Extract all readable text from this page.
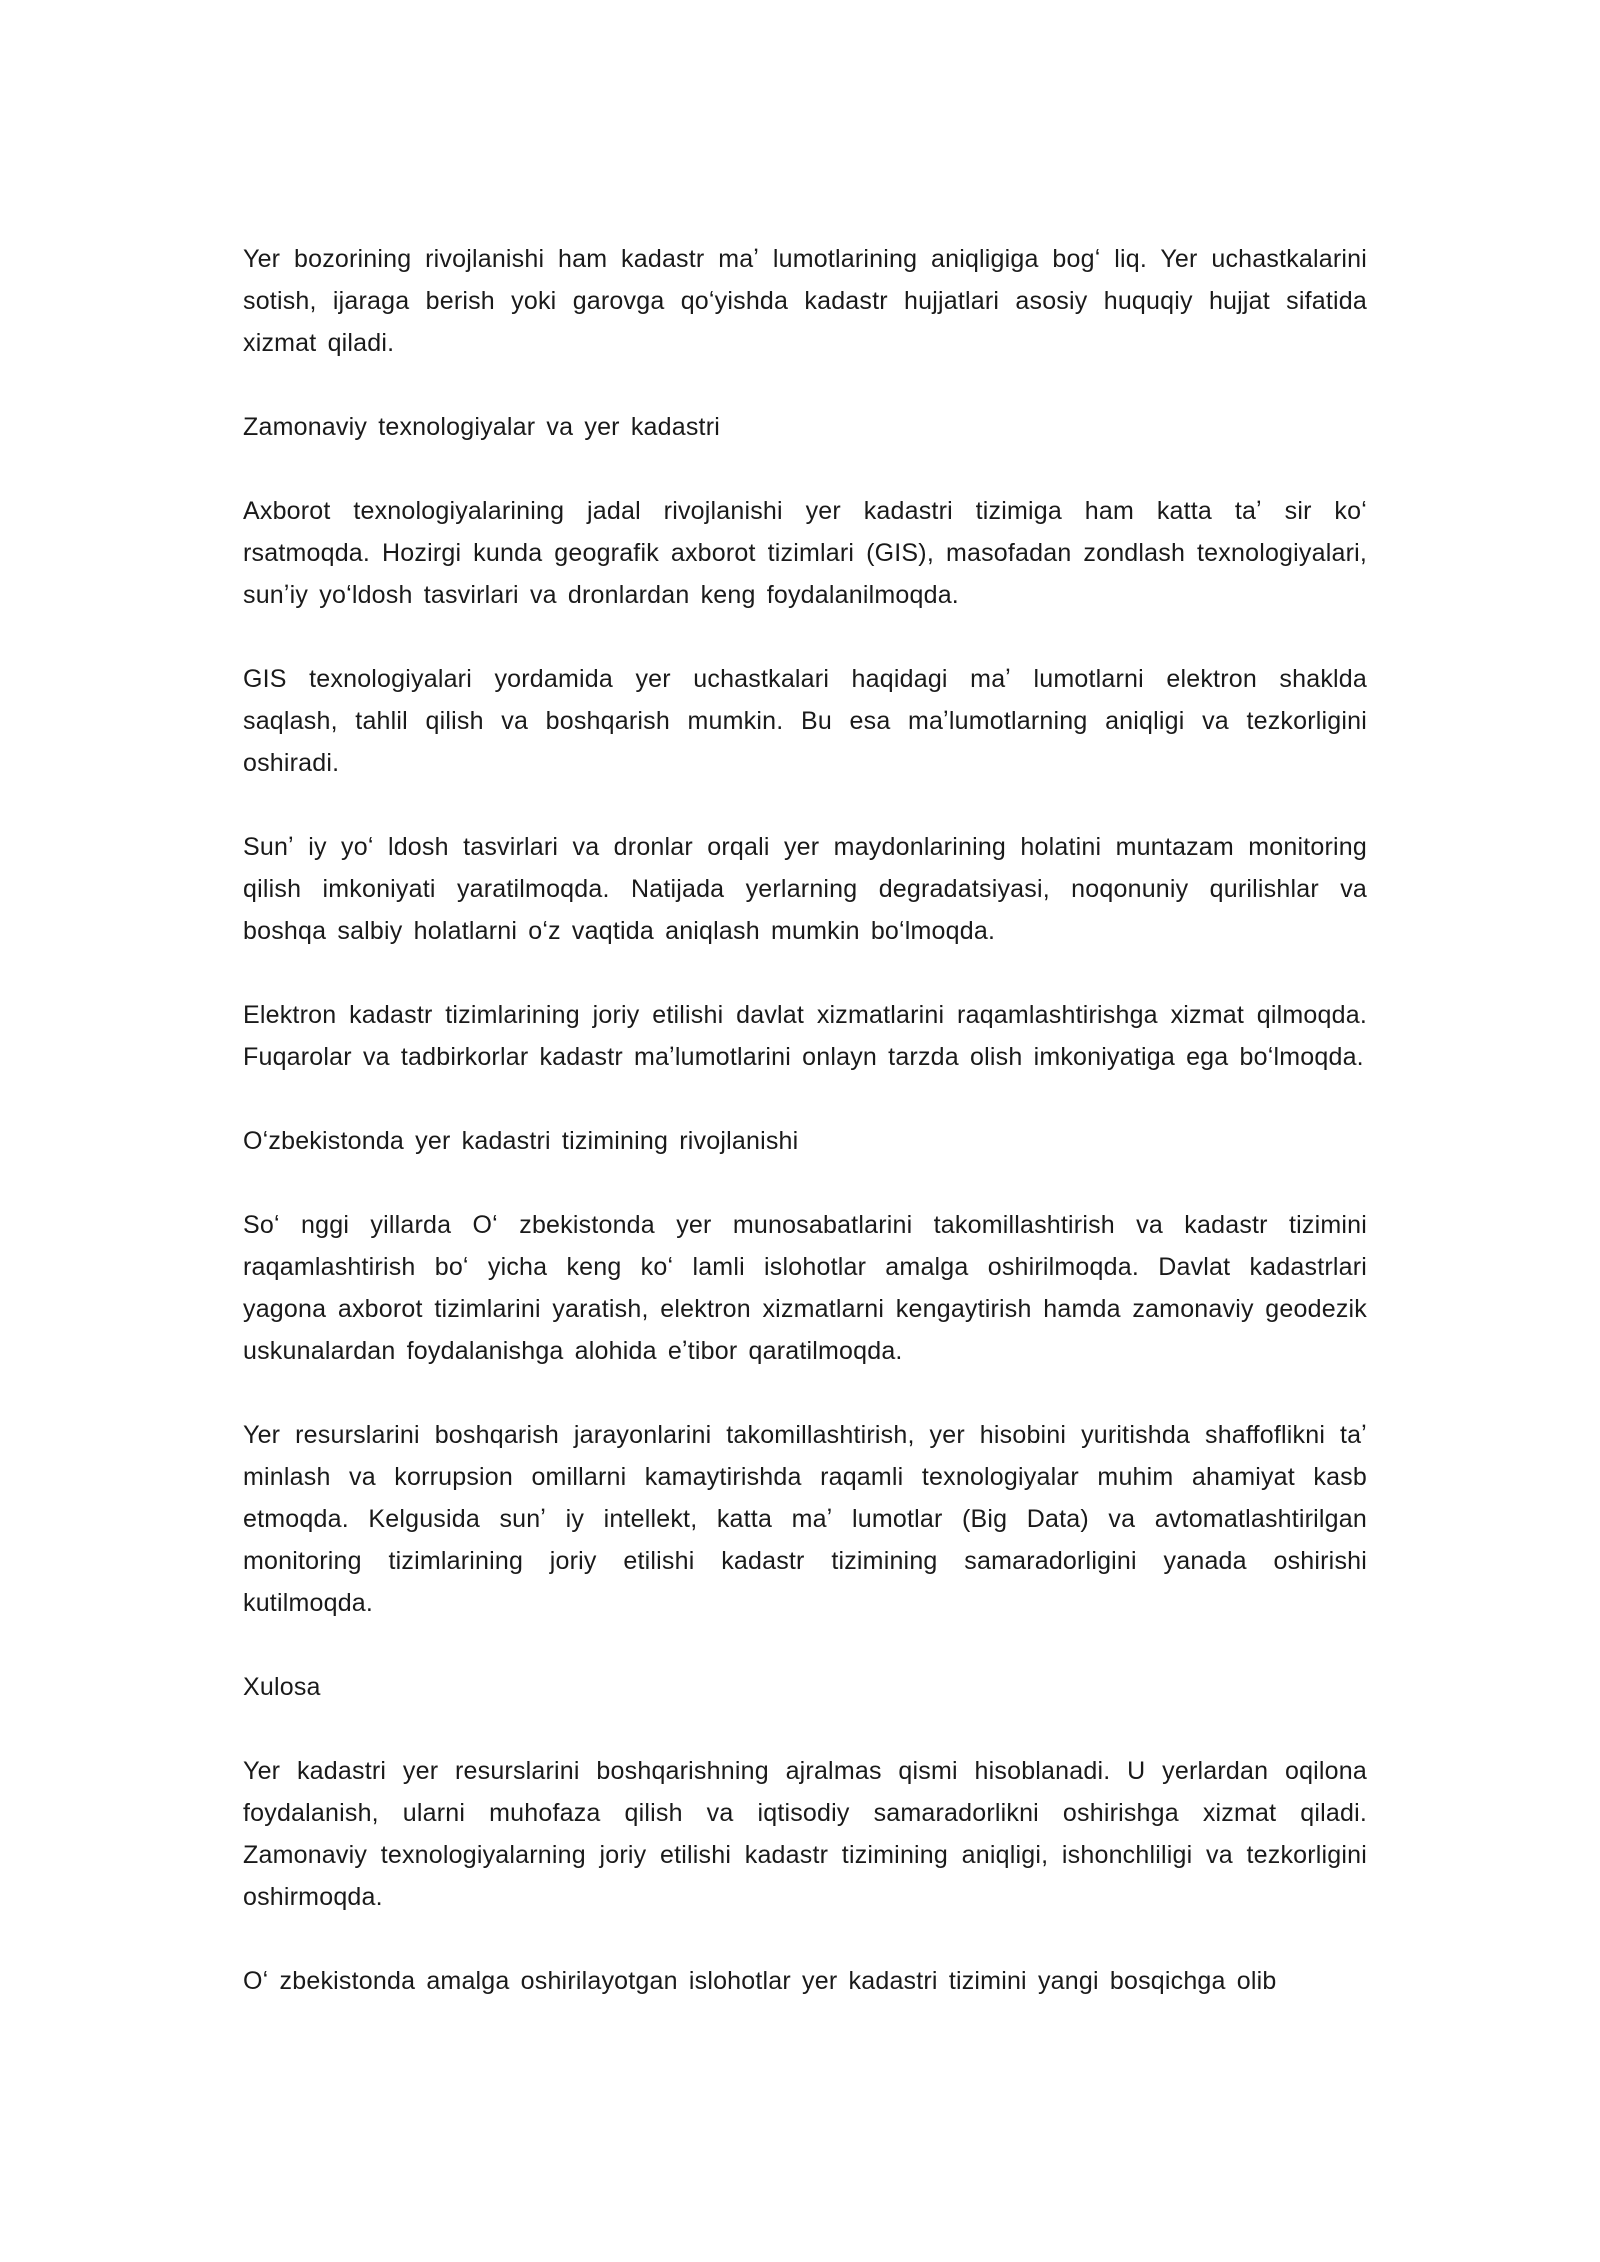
Yer bozorining rivojlanishi ham kadastr maʼ lumotlarining aniqligiga bogʻ liq. Yer uchastkalarini sotish, ijaraga berish yoki garovga qoʻyishda kadastr hujjatlari asosiy huquqiy hujjat sifatida xizmat qiladi.

Zamonaviy texnologiyalar va yer kadastri

Axborot texnologiyalarining jadal rivojlanishi yer kadastri tizimiga ham katta taʼ sir koʻ rsatmoqda. Hozirgi kunda geografik axborot tizimlari (GIS), masofadan zondlash texnologiyalari, sunʼiy yoʻldosh tasvirlari va dronlardan keng foydalanilmoqda.

GIS texnologiyalari yordamida yer uchastkalari haqidagi maʼ lumotlarni elektron shaklda saqlash, tahlil qilish va boshqarish mumkin. Bu esa maʼlumotlarning aniqligi va tezkorligini oshiradi.

Sunʼ iy yoʻ ldosh tasvirlari va dronlar orqali yer maydonlarining holatini muntazam monitoring qilish imkoniyati yaratilmoqda. Natijada yerlarning degradatsiyasi, noqonuniy qurilishlar va boshqa salbiy holatlarni oʻz vaqtida aniqlash mumkin boʻlmoqda.

Elektron kadastr tizimlarining joriy etilishi davlat xizmatlarini raqamlashtirishga xizmat qilmoqda. Fuqarolar va tadbirkorlar kadastr maʼlumotlarini onlayn tarzda olish imkoniyatiga ega boʻlmoqda.

Oʻzbekistonda yer kadastri tizimining rivojlanishi

Soʻ nggi yillarda Oʻ zbekistonda yer munosabatlarini takomillashtirish va kadastr tizimini raqamlashtirish boʻ yicha keng koʻ lamli islohotlar amalga oshirilmoqda. Davlat kadastrlari yagona axborot tizimlarini yaratish, elektron xizmatlarni kengaytirish hamda zamonaviy geodezik uskunalardan foydalanishga alohida eʼtibor qaratilmoqda.

Yer resurslarini boshqarish jarayonlarini takomillashtirish, yer hisobini yuritishda shaffoflikni taʼ minlash va korrupsion omillarni kamaytirishda raqamli texnologiyalar muhim ahamiyat kasb etmoqda. Kelgusida sunʼ iy intellekt, katta maʼ lumotlar (Big Data) va avtomatlashtirilgan monitoring tizimlarining joriy etilishi kadastr tizimining samaradorligini yanada oshirishi kutilmoqda.

Xulosa

Yer kadastri yer resurslarini boshqarishning ajralmas qismi hisoblanadi. U yerlardan oqilona foydalanish, ularni muhofaza qilish va iqtisodiy samaradorlikni oshirishga xizmat qiladi. Zamonaviy texnologiyalarning joriy etilishi kadastr tizimining aniqligi, ishonchliligi va tezkorligini oshirmoqda.

Oʻ zbekistonda amalga oshirilayotgan islohotlar yer kadastri tizimini yangi bosqichga olib
